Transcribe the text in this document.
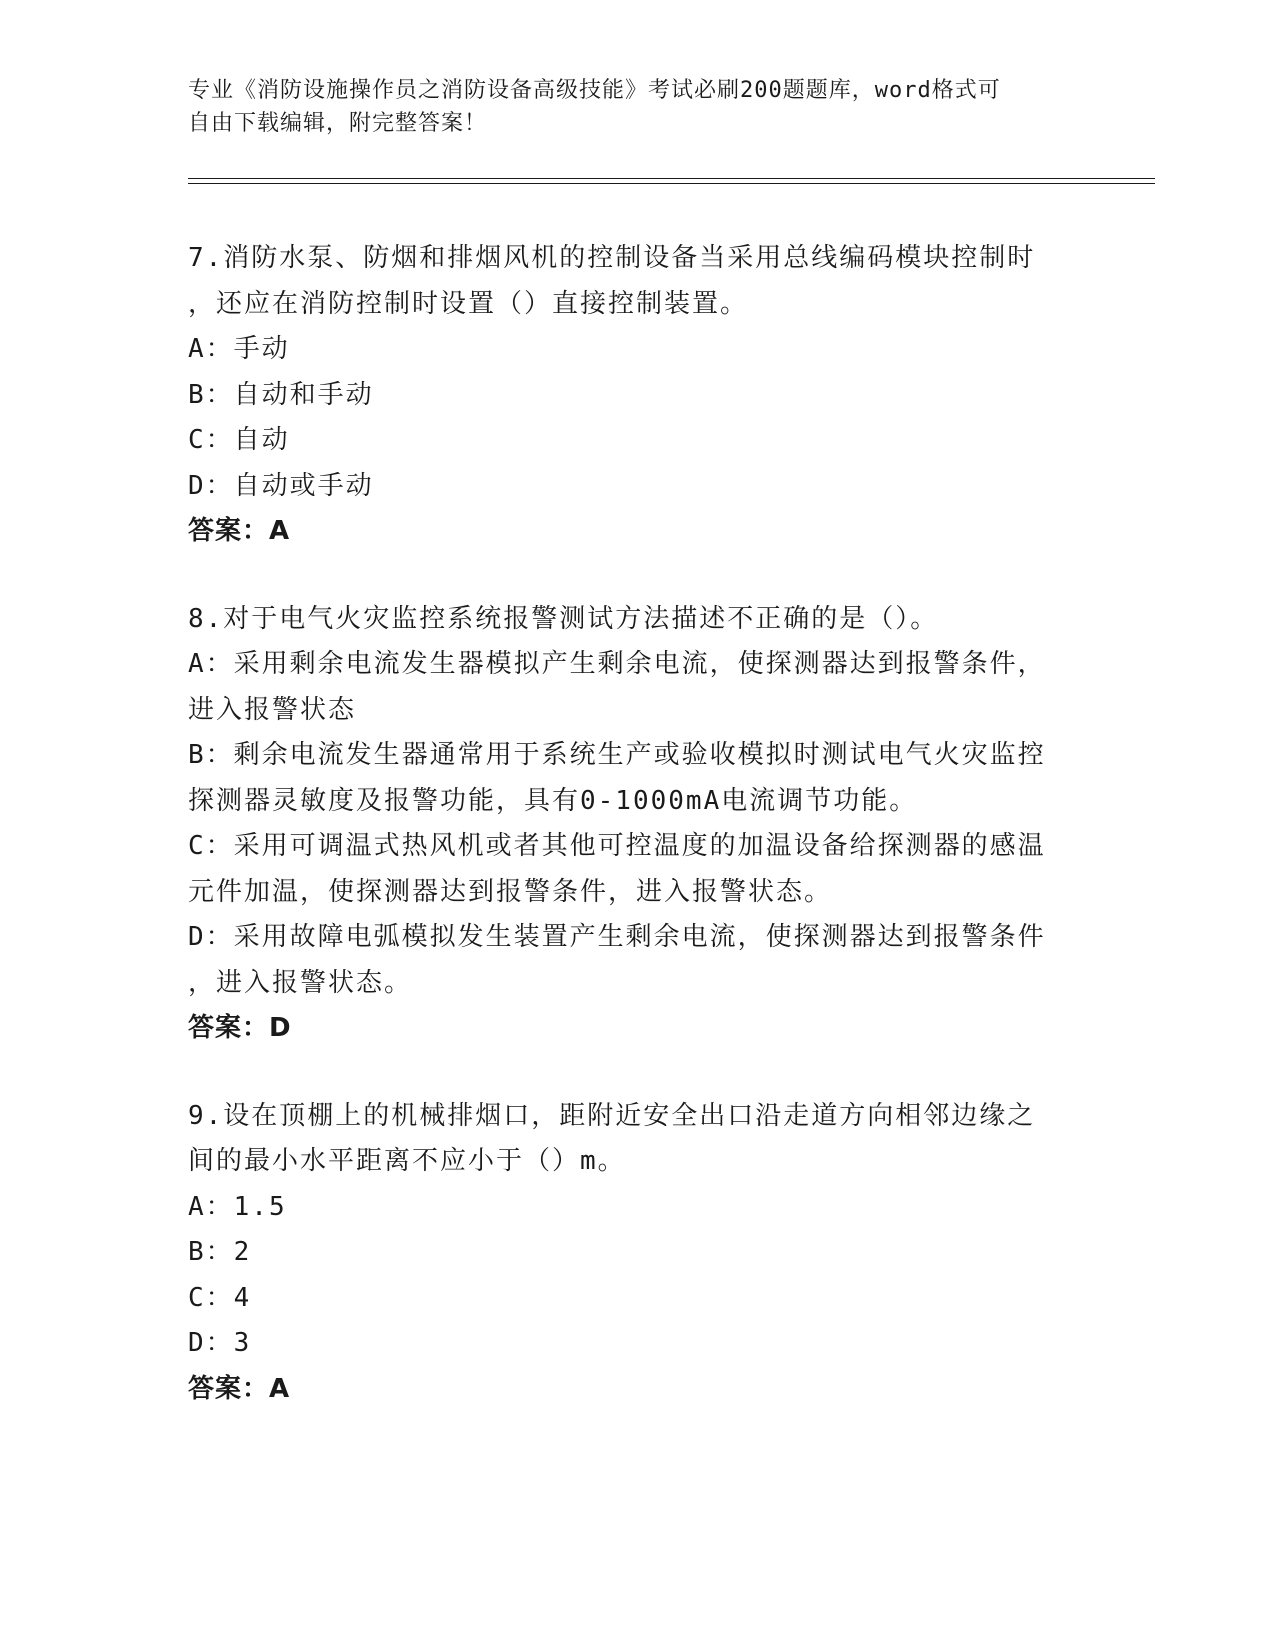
专业《消防设施操作员之消防设备高级技能》考试必刷200题题库，word格式可
自由下载编辑，附完整答案！
7.消防水泵、防烟和排烟风机的控制设备当采用总线编码模块控制时
，还应在消防控制时设置（）直接控制装置。
A：手动
B：自动和手动
C：自动
D：自动或手动
答案：A
8.对于电气火灾监控系统报警测试方法描述不正确的是（）。
A：采用剩余电流发生器模拟产生剩余电流，使探测器达到报警条件，
进入报警状态
B：剩余电流发生器通常用于系统生产或验收模拟时测试电气火灾监控
探测器灵敏度及报警功能，具有0-1000mA电流调节功能。
C：采用可调温式热风机或者其他可控温度的加温设备给探测器的感温
元件加温，使探测器达到报警条件，进入报警状态。
D：采用故障电弧模拟发生装置产生剩余电流，使探测器达到报警条件
，进入报警状态。
答案：D
9.设在顶棚上的机械排烟口，距附近安全出口沿走道方向相邻边缘之
间的最小水平距离不应小于（）m。
A：1.5
B：2
C：4
D：3
答案：A
